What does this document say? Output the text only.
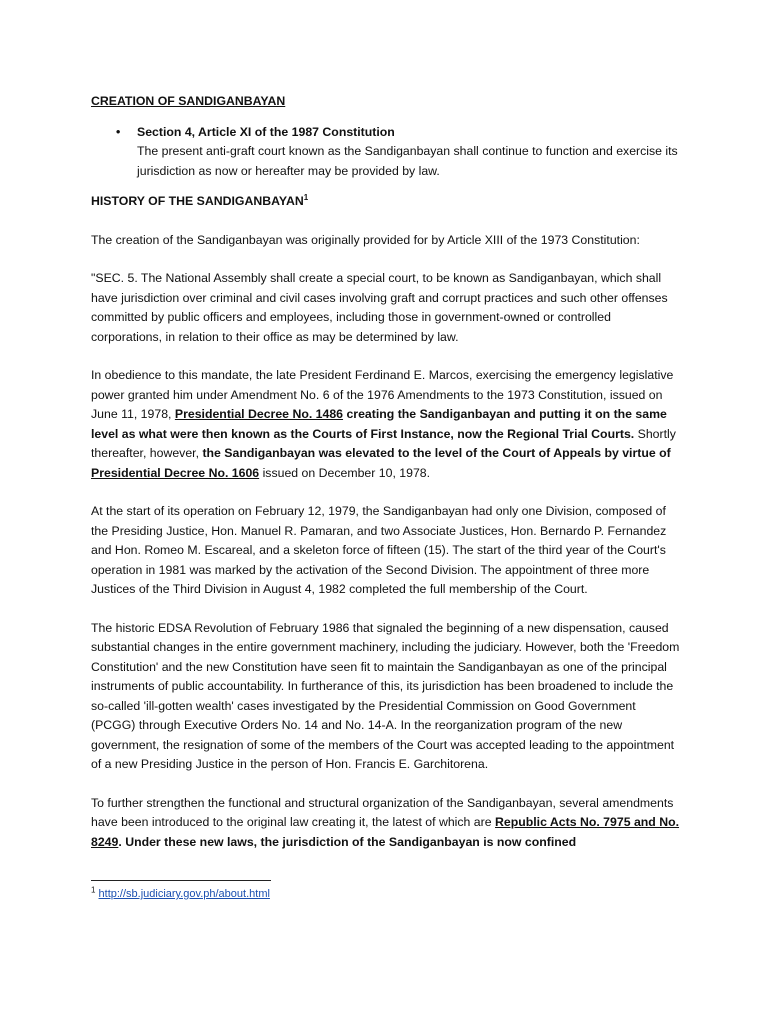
CREATION OF SANDIGANBAYAN

• Section 4, Article XI of the 1987 Constitution

The present anti-graft court known as the Sandiganbayan shall continue to function and exercise its jurisdiction as now or hereafter may be provided by law.

HISTORY OF THE SANDIGANBAYAN$^1$

The creation of the Sandiganbayan was originally provided for by Article XIII of the 1973 Constitution:

"SEC. 5. The National Assembly shall create a special court, to be known as Sandiganbayan, which shall have jurisdiction over criminal and civil cases involving graft and corrupt practices and such other offenses committed by public officers and employees, including those in government-owned or controlled corporations, in relation to their office as may be determined by law.

In obedience to this mandate, the late President Ferdinand E. Marcos, exercising the emergency legislative power granted him under Amendment No. 6 of the 1976 Amendments to the 1973 Constitution, issued on June 11, 1978, Presidential Decree No. 1486 creating the Sandiganbayan and putting it on the same level as what were then known as the Courts of First Instance, now the Regional Trial Courts. Shortly thereafter, however, the Sandiganbayan was elevated to the level of the Court of Appeals by virtue of Presidential Decree No. 1606 issued on December 10, 1978.

At the start of its operation on February 12, 1979, the Sandiganbayan had only one Division, composed of the Presiding Justice, Hon. Manuel R. Pamaran, and two Associate Justices, Hon. Bernardo P. Fernandez and Hon. Romeo M. Escareal, and a skeleton force of fifteen (15). The start of the third year of the Court's operation in 1981 was marked by the activation of the Second Division. The appointment of three more Justices of the Third Division in August 4, 1982 completed the full membership of the Court.

The historic EDSA Revolution of February 1986 that signaled the beginning of a new dispensation, caused substantial changes in the entire government machinery, including the judiciary. However, both the 'Freedom Constitution' and the new Constitution have seen fit to maintain the Sandiganbayan as one of the principal instruments of public accountability. In furtherance of this, its jurisdiction has been broadened to include the so-called 'ill-gotten wealth' cases investigated by the Presidential Commission on Good Government (PCGG) through Executive Orders No. 14 and No. 14-A. In the reorganization program of the new government, the resignation of some of the members of the Court was accepted leading to the appointment of a new Presiding Justice in the person of Hon. Francis E. Garchitorena.

To further strengthen the functional and structural organization of the Sandiganbayan, several amendments have been introduced to the original law creating it, the latest of which are Republic Acts No. 7975 and No. 8249. Under these new laws, the jurisdiction of the Sandiganbayan is now confined

$^1$ http://sb.judiciary.gov.ph/about.html
